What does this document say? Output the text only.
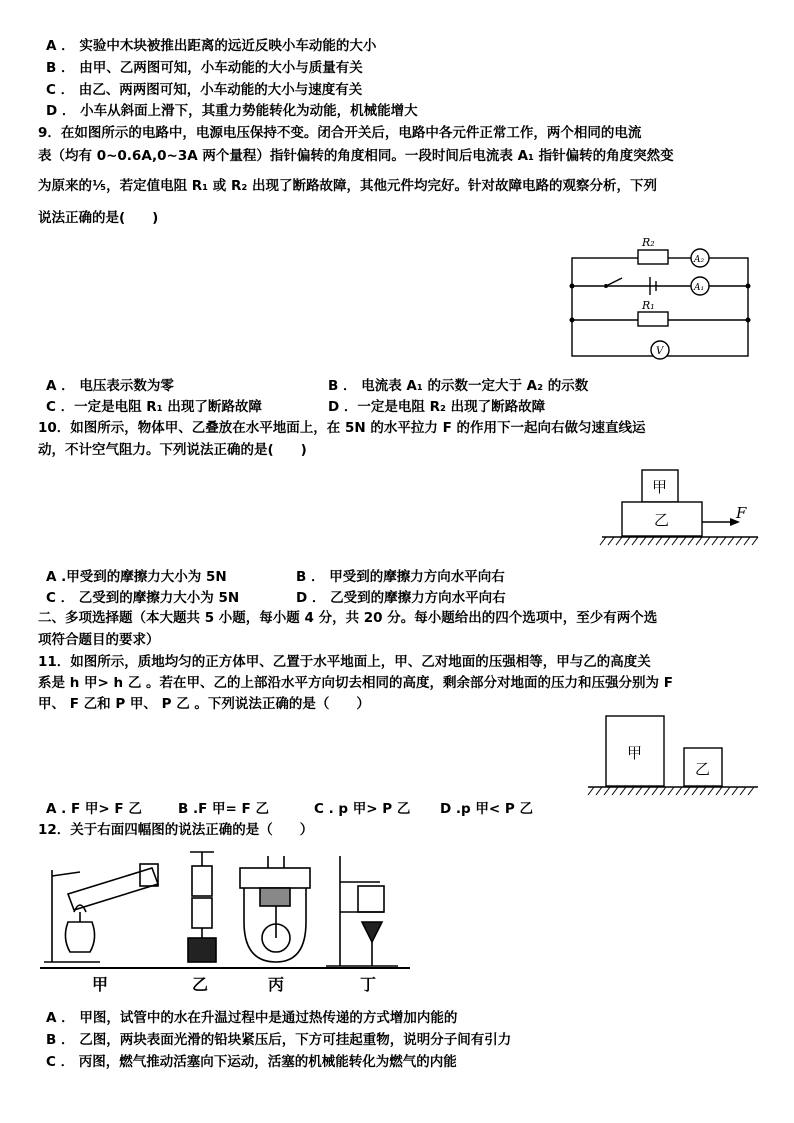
A ． 实验中木块被推出距离的远近反映小车动能的大小
B ． 由甲、乙两图可知，小车动能的大小与质量有关
C ． 由乙、两两图可知，小车动能的大小与速度有关
D ． 小车从斜面上滑下，其重力势能转化为动能，机械能增大
9．在如图所示的电路中，电源电压保持不变。闭合开关后，电路中各元件正常工作，两个相同的电流
表（均有 0~0.6A,0~3A 两个量程）指针偏转的角度相同。一段时间后电流表 A₁ 指针偏转的角度突然变
为原来的¹⁄₅，若定值电阻 R₁ 或 R₂ 出现了断路故障，其他元件均完好。针对故障电路的观察分析，下列
说法正确的是(　　)
R₂
R₁
A₂
A₁
V
A ． 电压表示数为零	B ． 电流表 A₁ 的示数一定大于 A₂ 的示数
C ．一定是电阻 R₁ 出现了断路故障	D ．一定是电阻 R₂ 出现了断路故障
10．如图所示，物体甲、乙叠放在水平地面上，在 5N 的水平拉力 F 的作用下一起向右做匀速直线运
动，不计空气阻力。下列说法正确的是(　　)
甲
乙	F
A .甲受到的摩擦力大小为 5N	B ． 甲受到的摩擦力方向水平向右
C ． 乙受到的摩擦力大小为 5N	D ． 乙受到的摩擦力方向水平向右
二、多项选择题（本大题共 5 小题，每小题 4 分，共 20 分。每小题给出的四个选项中，至少有两个选
项符合题目的要求）
11．如图所示，质地均匀的正方体甲、乙置于水平地面上，甲、乙对地面的压强相等，甲与乙的高度关
系是 h 甲> h 乙 。若在甲、乙的上部沿水平方向切去相同的高度，剩余部分对地面的压力和压强分别为 F
甲、 F 乙和 P 甲、 P 乙 。下列说法正确的是（　　）
甲
乙
A . F 甲> F 乙	B .F 甲= F 乙	C . p 甲> P 乙 D .p 甲< P 乙
12．关于右面四幅图的说法正确的是（　　）
甲	乙	丙	丁
A ． 甲图，试管中的水在升温过程中是通过热传递的方式增加内能的
B ． 乙图，两块表面光滑的铅块紧压后，下方可挂起重物，说明分子间有引力
C ． 丙图，燃气推动活塞向下运动，活塞的机械能转化为燃气的内能
